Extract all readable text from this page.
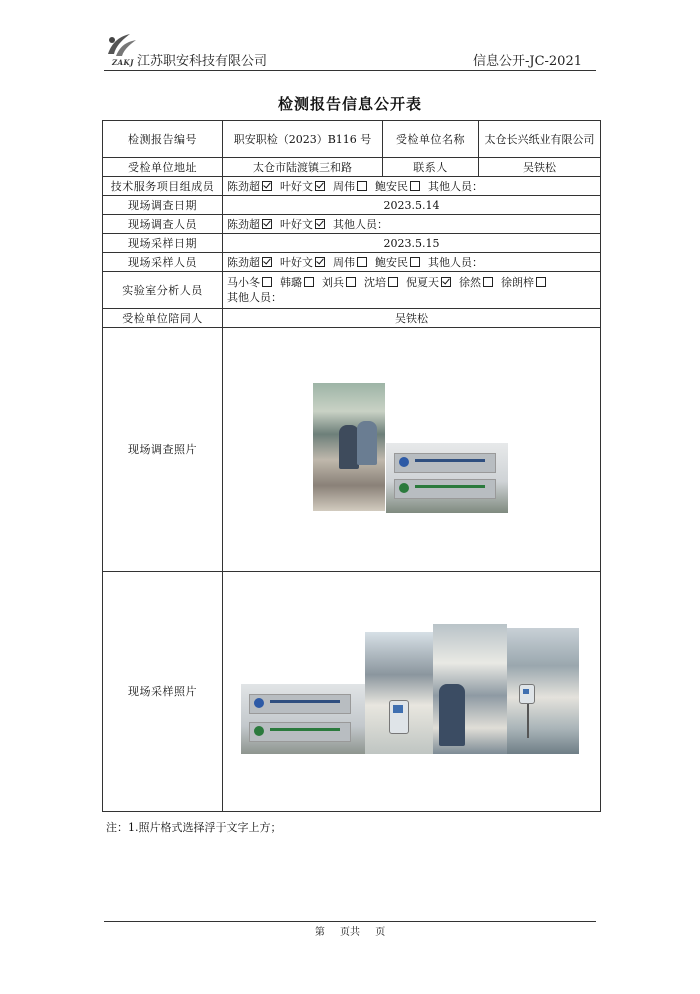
ZAKJ 江苏职安科技有限公司	信息公开-JC-2021
检测报告信息公开表
检测报告编号	职安职检（2023）B116 号	受检单位名称	太仓长兴纸业有限公司
受检单位地址	太仓市陆渡镇三和路	联系人	吴铁松
技术服务项目组成员	陈劲超 叶好文 周伟 鲍安民 其他人员：		
现场调查日期	2023.5.14		
现场调查人员	陈劲超 叶好文 其他人员：		
现场采样日期	2023.5.15		
现场采样人员	陈劲超 叶好文 周伟 鲍安民 其他人员：		
实验室分析人员	马小冬 韩璐 刘兵 沈培 倪夏天 徐然 徐朗梓
其他人员：		
受检单位陪同人	吴铁松		
现场调查照片			

现场采样照片			
注：1.照片格式选择浮于文字上方；
第 页共 页
